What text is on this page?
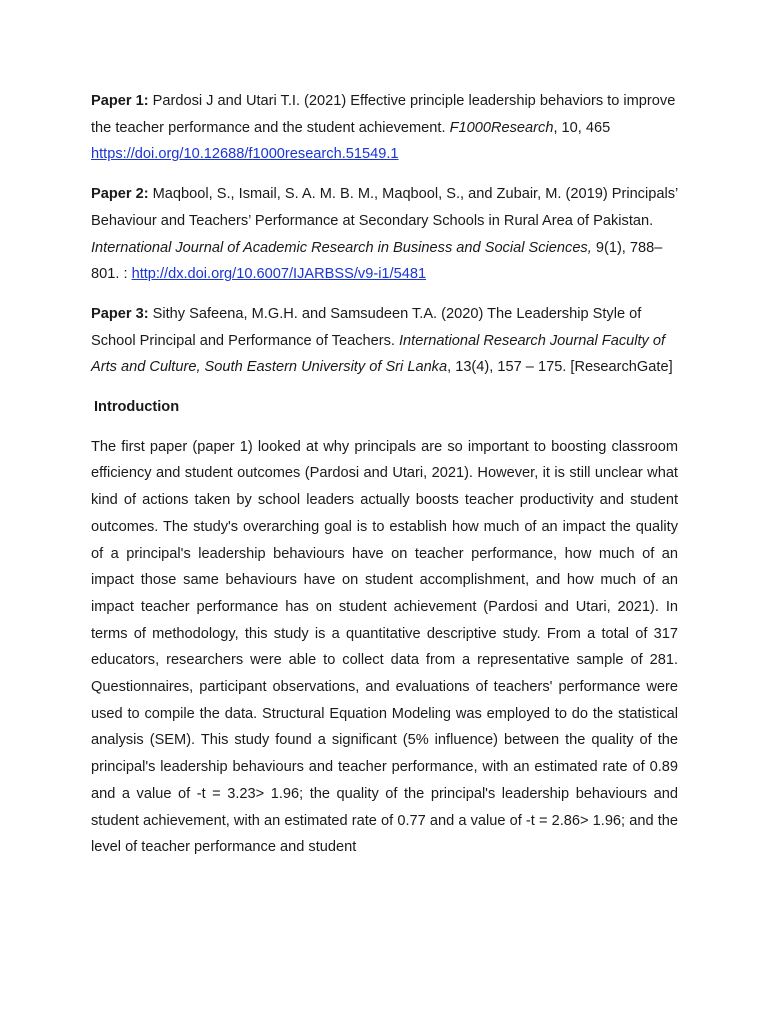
Paper 1: Pardosi J and Utari T.I. (2021) Effective principle leadership behaviors to improve the teacher performance and the student achievement. F1000Research, 10, 465 https://doi.org/10.12688/f1000research.51549.1

Paper 2: Maqbool, S., Ismail, S. A. M. B. M., Maqbool, S., and Zubair, M. (2019) Principals’ Behaviour and Teachers’ Performance at Secondary Schools in Rural Area of Pakistan. International Journal of Academic Research in Business and Social Sciences, 9(1), 788–801. : http://dx.doi.org/10.6007/IJARBSS/v9-i1/5481

Paper 3: Sithy Safeena, M.G.H. and Samsudeen T.A. (2020) The Leadership Style of School Principal and Performance of Teachers. International Research Journal Faculty of Arts and Culture, South Eastern University of Sri Lanka, 13(4), 157 – 175. [ResearchGate]

Introduction

The first paper (paper 1) looked at why principals are so important to boosting classroom efficiency and student outcomes (Pardosi and Utari, 2021). However, it is still unclear what kind of actions taken by school leaders actually boosts teacher productivity and student outcomes. The study's overarching goal is to establish how much of an impact the quality of a principal's leadership behaviours have on teacher performance, how much of an impact those same behaviours have on student accomplishment, and how much of an impact teacher performance has on student achievement (Pardosi and Utari, 2021). In terms of methodology, this study is a quantitative descriptive study. From a total of 317 educators, researchers were able to collect data from a representative sample of 281. Questionnaires, participant observations, and evaluations of teachers' performance were used to compile the data. Structural Equation Modeling was employed to do the statistical analysis (SEM). This study found a significant (5% influence) between the quality of the principal's leadership behaviours and teacher performance, with an estimated rate of 0.89 and a value of -t = 3.23> 1.96; the quality of the principal's leadership behaviours and student achievement, with an estimated rate of 0.77 and a value of -t = 2.86> 1.96; and the level of teacher performance and student
